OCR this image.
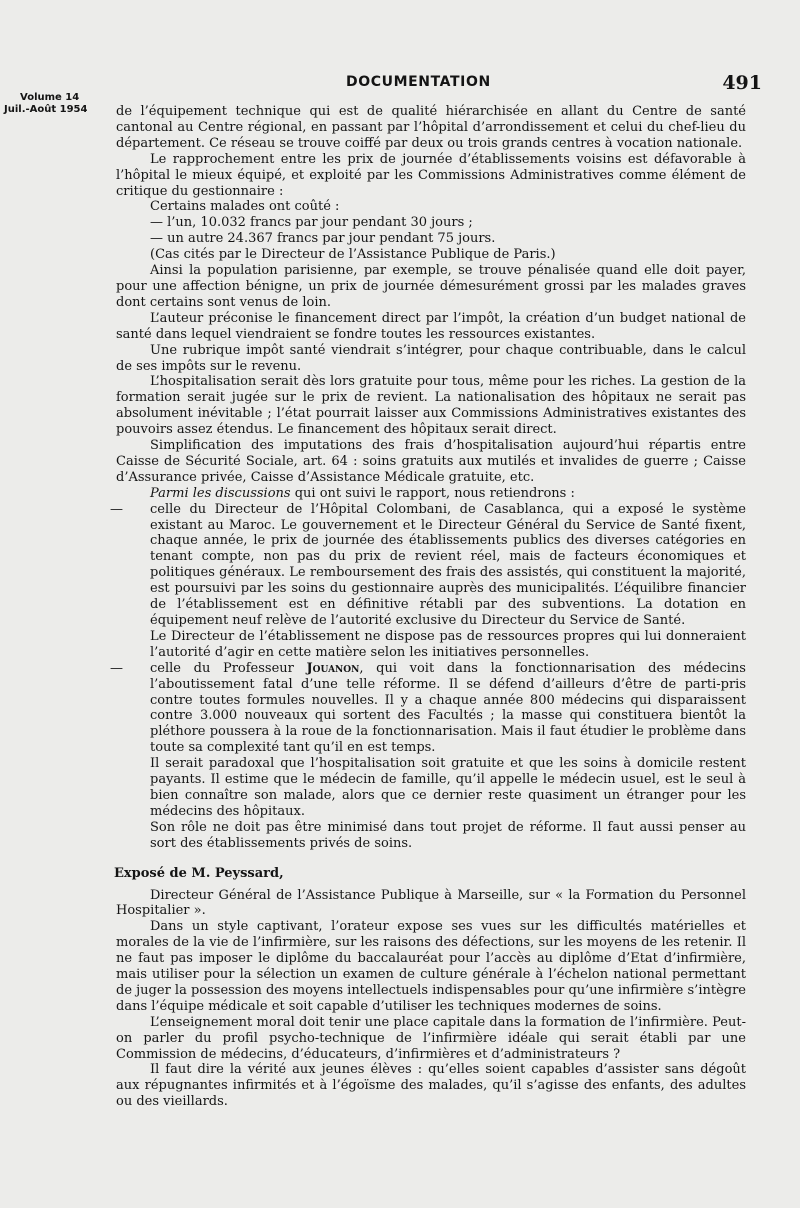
DOCUMENTATION	491
Volume 14
Juil.-Août 1954 de l’équipement technique qui est de qualité hiérarchisée en allant du Centre de santé cantonal au Centre régional, en passant par l’hôpital d’arrondissement et celui du chef-lieu du département. Ce réseau se trouve coiffé par deux ou trois grands centres à vocation nationale.

Le rapprochement entre les prix de journée d’établissements voisins est défavorable à l’hôpital le mieux équipé, et exploité par les Commissions Administratives comme élément de critique du gestionnaire :

Certains malades ont coûté :

— l’un, 10.032 francs par jour pendant 30 jours ;

— un autre 24.367 francs par jour pendant 75 jours.

(Cas cités par le Directeur de l’Assistance Publique de Paris.)

Ainsi la population parisienne, par exemple, se trouve pénalisée quand elle doit payer, pour une affection bénigne, un prix de journée démesurément grossi par les malades graves dont certains sont venus de loin.

L’auteur préconise le financement direct par l’impôt, la création d’un budget national de santé dans lequel viendraient se fondre toutes les ressources existantes.

Une rubrique impôt santé viendrait s’intégrer, pour chaque contribuable, dans le calcul de ses impôts sur le revenu.

L’hospitalisation serait dès lors gratuite pour tous, même pour les riches. La gestion de la formation serait jugée sur le prix de revient. La nationalisation des hôpitaux ne serait pas absolument inévitable ; l’état pourrait laisser aux Commissions Administratives existantes des pouvoirs assez étendus. Le financement des hôpitaux serait direct.

Simplification des imputations des frais d’hospitalisation aujourd’hui répartis entre Caisse de Sécurité Sociale, art. 64 : soins gratuits aux mutilés et invalides de guerre ; Caisse d’Assurance privée, Caisse d’Assistance Médicale gratuite, etc.

Parmi les discussions qui ont suivi le rapport, nous retiendrons :

— celle du Directeur de l’Hôpital Colombani, de Casablanca, qui a exposé le système existant au Maroc. Le gouvernement et le Directeur Général du Service de Santé fixent, chaque année, le prix de journée des établissements publics des diverses catégories en tenant compte, non pas du prix de revient réel, mais de facteurs économiques et politiques généraux. Le remboursement des frais des assistés, qui constituent la majorité, est poursuivi par les soins du gestionnaire auprès des municipalités. L’équilibre financier de l’établissement est en définitive rétabli par des subventions. La dotation en équipement neuf relève de l’autorité exclusive du Directeur du Service de Santé.

Le Directeur de l’établissement ne dispose pas de ressources propres qui lui donneraient l’autorité d’agir en cette matière selon les initiatives personnelles.

— celle du Professeur Jouanon, qui voit dans la fonctionnarisation des médecins l’aboutissement fatal d’une telle réforme. Il se défend d’ailleurs d’être de parti-pris contre toutes formules nouvelles. Il y a chaque année 800 médecins qui disparaissent contre 3.000 nouveaux qui sortent des Facultés ; la masse qui constituera bientôt la pléthore poussera à la roue de la fonctionnarisation. Mais il faut étudier le problème dans toute sa complexité tant qu’il en est temps.

Il serait paradoxal que l’hospitalisation soit gratuite et que les soins à domicile restent payants. Il estime que le médecin de famille, qu’il appelle le médecin usuel, est le seul à bien connaître son malade, alors que ce dernier reste quasiment un étranger pour les médecins des hôpitaux.

Son rôle ne doit pas être minimisé dans tout projet de réforme. Il faut aussi penser au sort des établissements privés de soins.

Exposé de M. Peyssard,

Directeur Général de l’Assistance Publique à Marseille, sur « la Formation du Personnel Hospitalier ».

Dans un style captivant, l’orateur expose ses vues sur les difficultés matérielles et morales de la vie de l’infirmière, sur les raisons des défections, sur les moyens de les retenir. Il ne faut pas imposer le diplôme du baccalauréat pour l’accès au diplôme d’Etat d’infirmière, mais utiliser pour la sélection un examen de culture générale à l’échelon national permettant de juger la possession des moyens intellectuels indispensables pour qu’une infirmière s’intègre dans l’équipe médicale et soit capable d’utiliser les techniques modernes de soins.

L’enseignement moral doit tenir une place capitale dans la formation de l’infirmière. Peut-on parler du profil psycho-technique de l’infirmière idéale qui serait établi par une Commission de médecins, d’éducateurs, d’infirmières et d’administrateurs ?

Il faut dire la vérité aux jeunes élèves : qu’elles soient capables d’assister sans dégoût aux répugnantes infirmités et à l’égoïsme des malades, qu’il s’agisse des enfants, des adultes ou des vieillards.
